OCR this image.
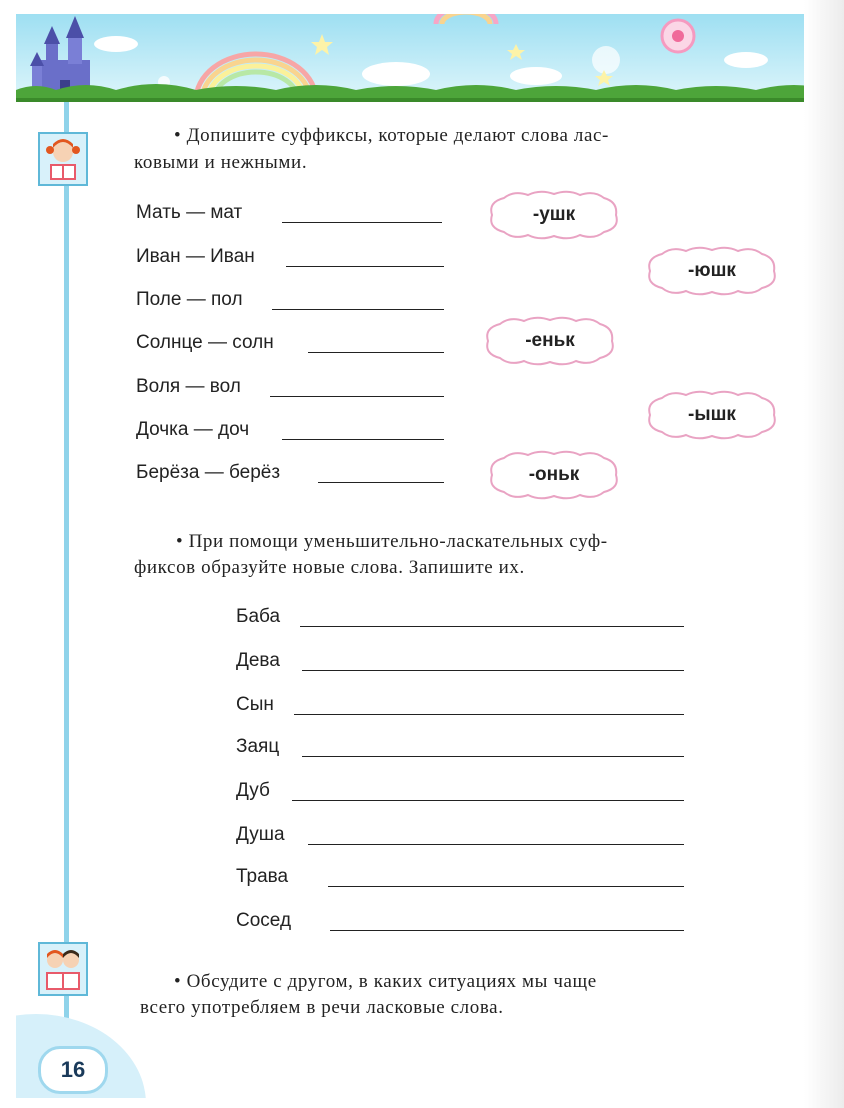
16
• Допишите суффиксы, которые делают слова лас-
ковыми и нежными.
Мать — мат
Иван — Иван
Поле — пол
Солнце — солн
Воля — вол
Дочка — доч
Берёза — берёз
-ушк
-юшк
-еньк
-ышк
-оньк
• При помощи уменьшительно-ласкательных суф-
фиксов образуйте новые слова. Запишите их.
Баба
Дева
Сын
Заяц
Дуб
Душа
Трава
Сосед
• Обсудите с другом, в каких ситуациях мы чаще
всего употребляем в речи ласковые слова.
